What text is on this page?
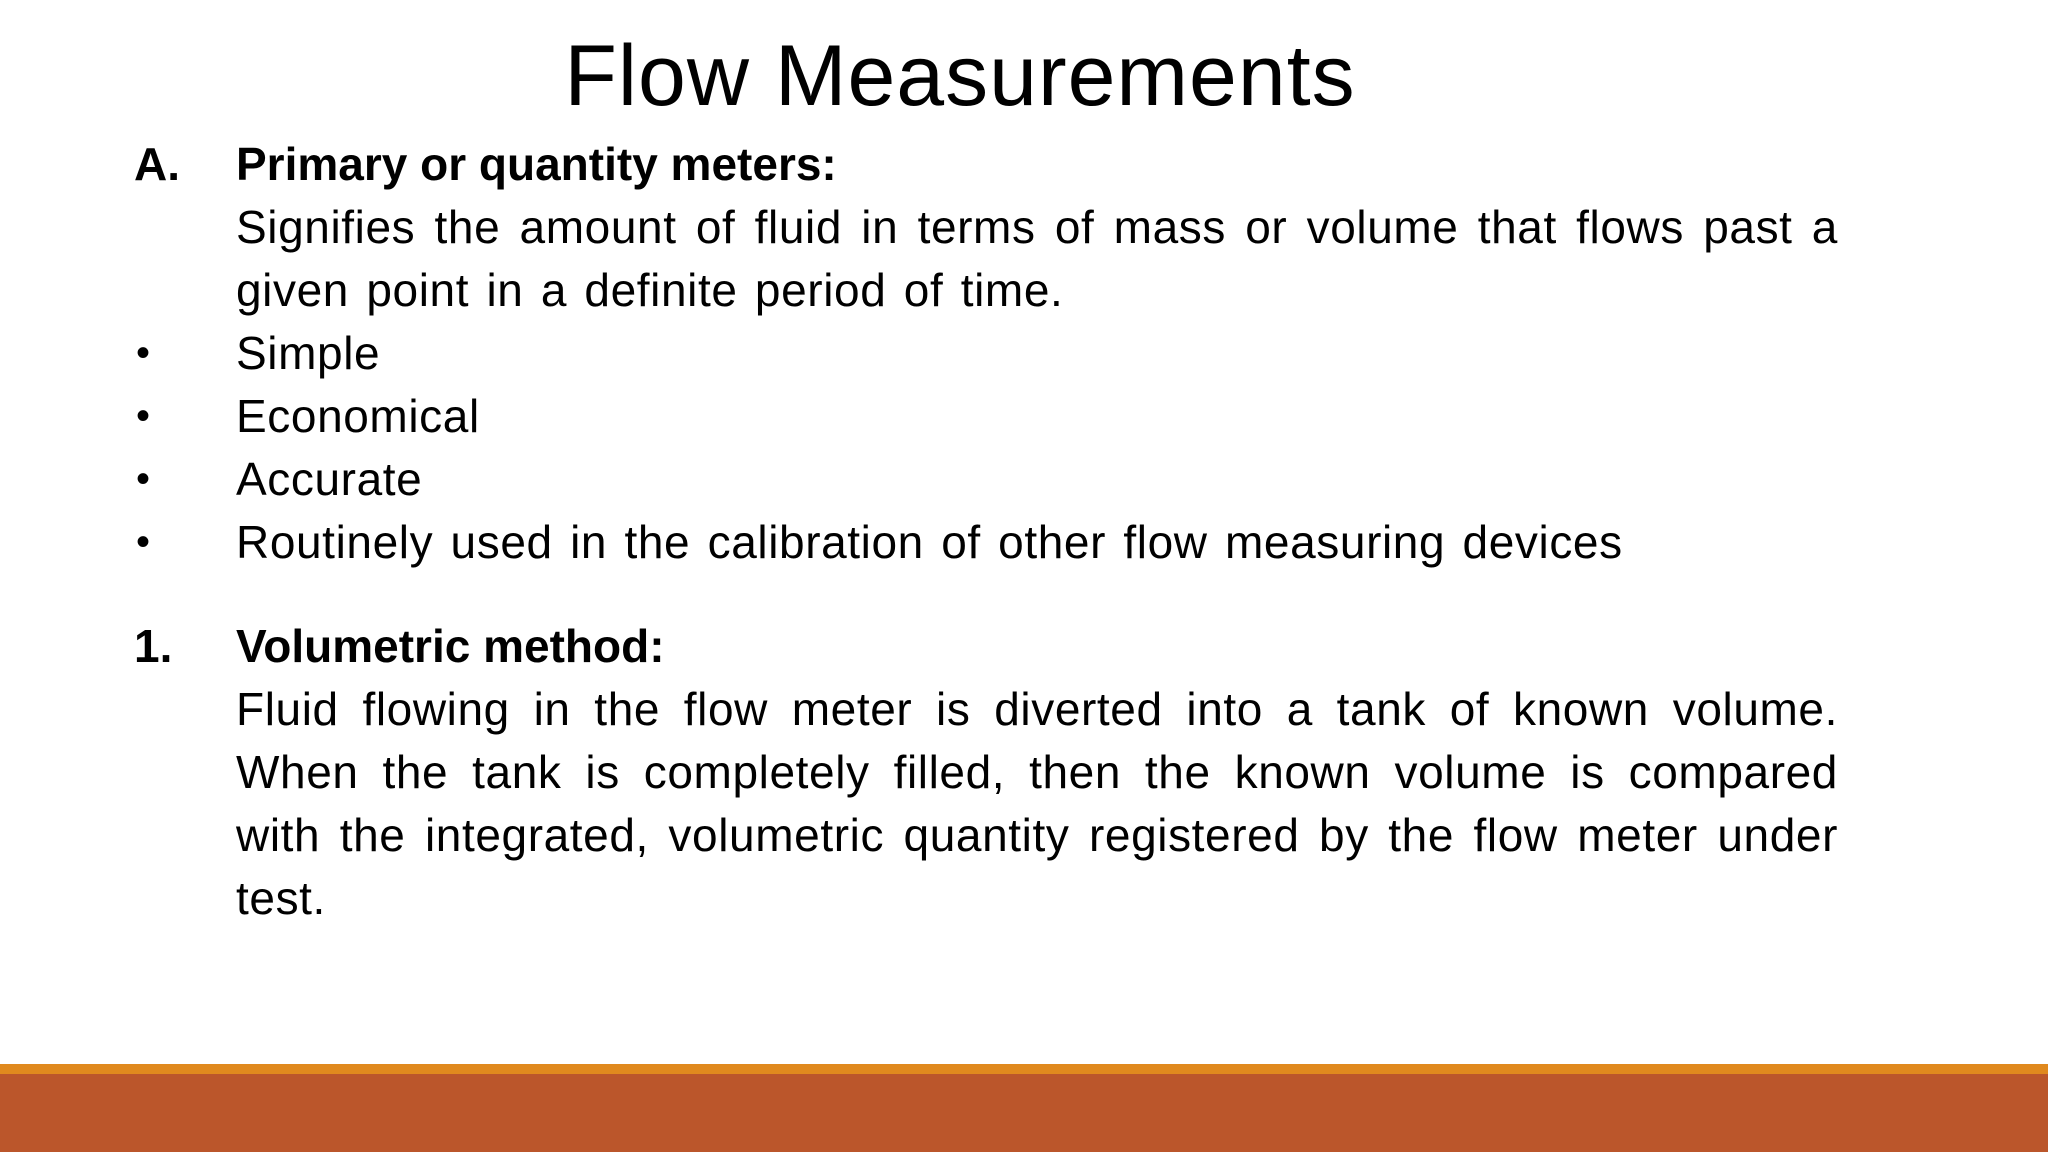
Flow Measurements
A.	Primary or quantity meters:
Signifies the amount of fluid in terms of mass or volume that flows past a given point in a definite period of time.
•	Simple
•	Economical
•	Accurate
•	Routinely used in the calibration of other flow measuring devices
1.	Volumetric method:
Fluid flowing in the flow meter is diverted into a tank of known volume. When the tank is completely filled, then the known volume is compared with the integrated, volumetric quantity registered by the flow meter under test.
